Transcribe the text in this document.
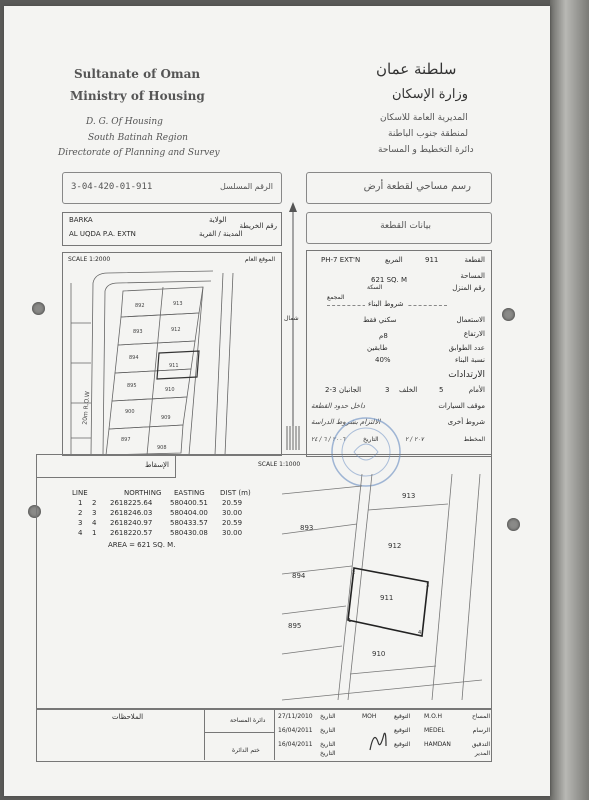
Sultanate of Oman
Ministry of Housing
D. G. Of Housing
South Batinah Region
Directorate of Planning and Survey
سلطنة عمان
وزارة الإسكان
المديرية العامة للاسكان
لمنطقة جنوب الباطنة
دائرة التخطيط و المساحة
3-04-420-01-911	الرقم المسلسل	رسم مساحي لقطعة أرض
BARKA	الولاية
رقم الخريطة
AL UQDA P.A. EXTN	المدينة / القرية
بيانات القطعة
SCALE 1:2000	الموقع العام
20m R.O.W
892	913
893	912
894
911
895
910
900
909
897
908
شمال
PH-7 EXT'N	المربع	911	القطعة
621 SQ. M	المساحة
رقم المنزل
السكة
المجمع
شروط البناء
سكني فقط	الاستعمال
8م	الارتفاع
طابقين	عدد الطوابق
40%	نسبة البناء
الارتدادات
2-3 الجانبان	3 الخلف	5	الأمام
داخل حدود القطعة	موقف السيارات
الالتزام بشروط الدراسة	شروط أخرى
٢٠٠٦ / ٦ / ٢٤	التاريخ	٢٠٧ / ٢	المخطط
الإسقاط
LINE	NORTHING EASTING DIST (m)
1 2 2618225.64	580400.51 20.59
2 3 2618246.03	580404.00 30.00
3 4 2618240.97	580433.57 20.59
4 1 2618220.57	580430.08 30.00
AREA = 621 SQ. M.
SCALE 1:1000
913
893
912
894
911
895
910
1
2
3
4
الملاحظات	دائرة المساحة
ختم الدائرة
27/11/2010 التاريخ	MOH	التوقيع M.O.H	المساح
16/04/2011 التاريخ	التوقيع MEDEL	الرسام
16/04/2011 التاريخ	التوقيع HAMDAN	التدقيق
التاريخ	المدير
